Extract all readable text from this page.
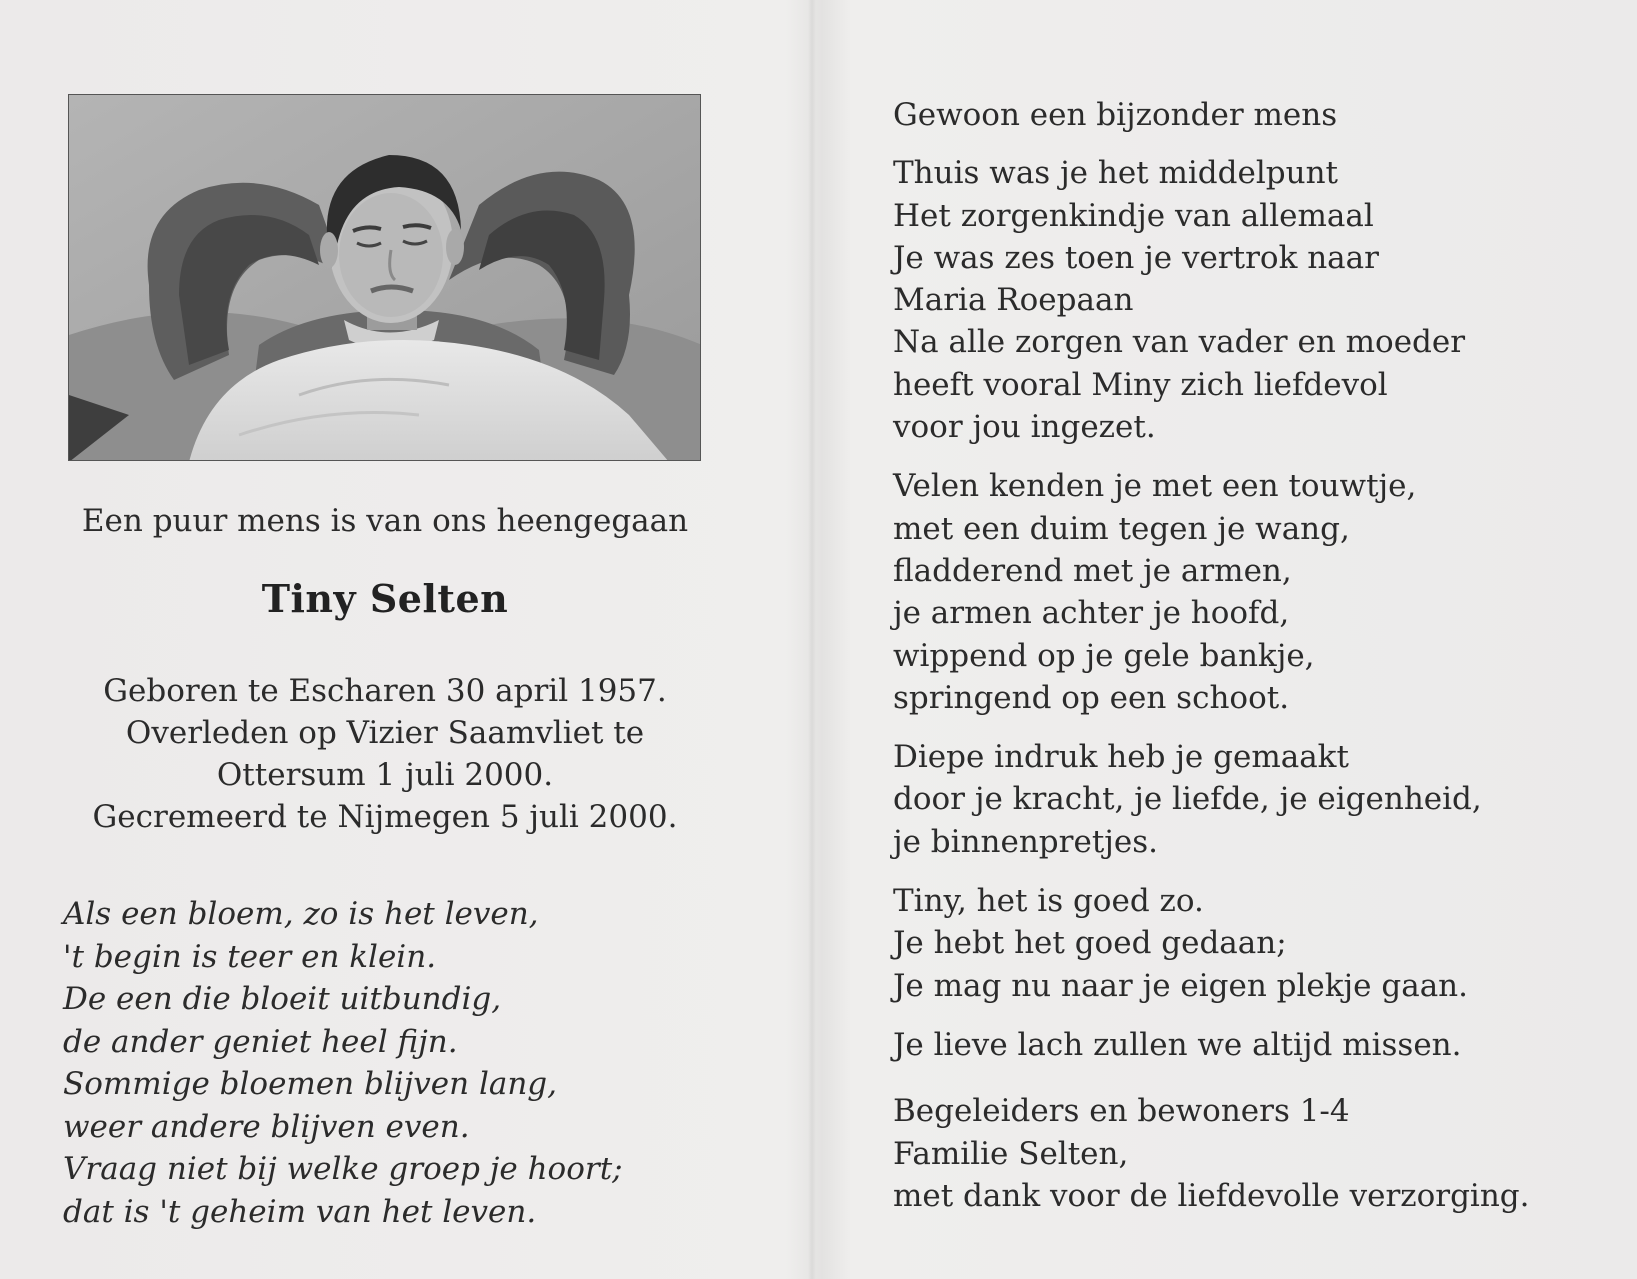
Een puur mens is van ons heengegaan
Tiny Selten
Geboren te Escharen 30 april 1957.
Overleden op Vizier Saamvliet te
Ottersum 1 juli 2000.
Gecremeerd te Nijmegen 5 juli 2000.
Als een bloem, zo is het leven,
't begin is teer en klein.
De een die bloeit uitbundig,
de ander geniet heel fijn.
Sommige bloemen blijven lang,
weer andere blijven even.
Vraag niet bij welke groep je hoort;
dat is 't geheim van het leven.
Gewoon een bijzonder mens
Thuis was je het middelpunt
Het zorgenkindje van allemaal
Je was zes toen je vertrok naar
Maria Roepaan
Na alle zorgen van vader en moeder
heeft vooral Miny zich liefdevol
voor jou ingezet.
Velen kenden je met een touwtje,
met een duim tegen je wang,
fladderend met je armen,
je armen achter je hoofd,
wippend op je gele bankje,
springend op een schoot.
Diepe indruk heb je gemaakt
door je kracht, je liefde, je eigenheid,
je binnenpretjes.
Tiny, het is goed zo.
Je hebt het goed gedaan;
Je mag nu naar je eigen plekje gaan.
Je lieve lach zullen we altijd missen.
Begeleiders en bewoners 1-4
Familie Selten,
met dank voor de liefdevolle verzorging.
